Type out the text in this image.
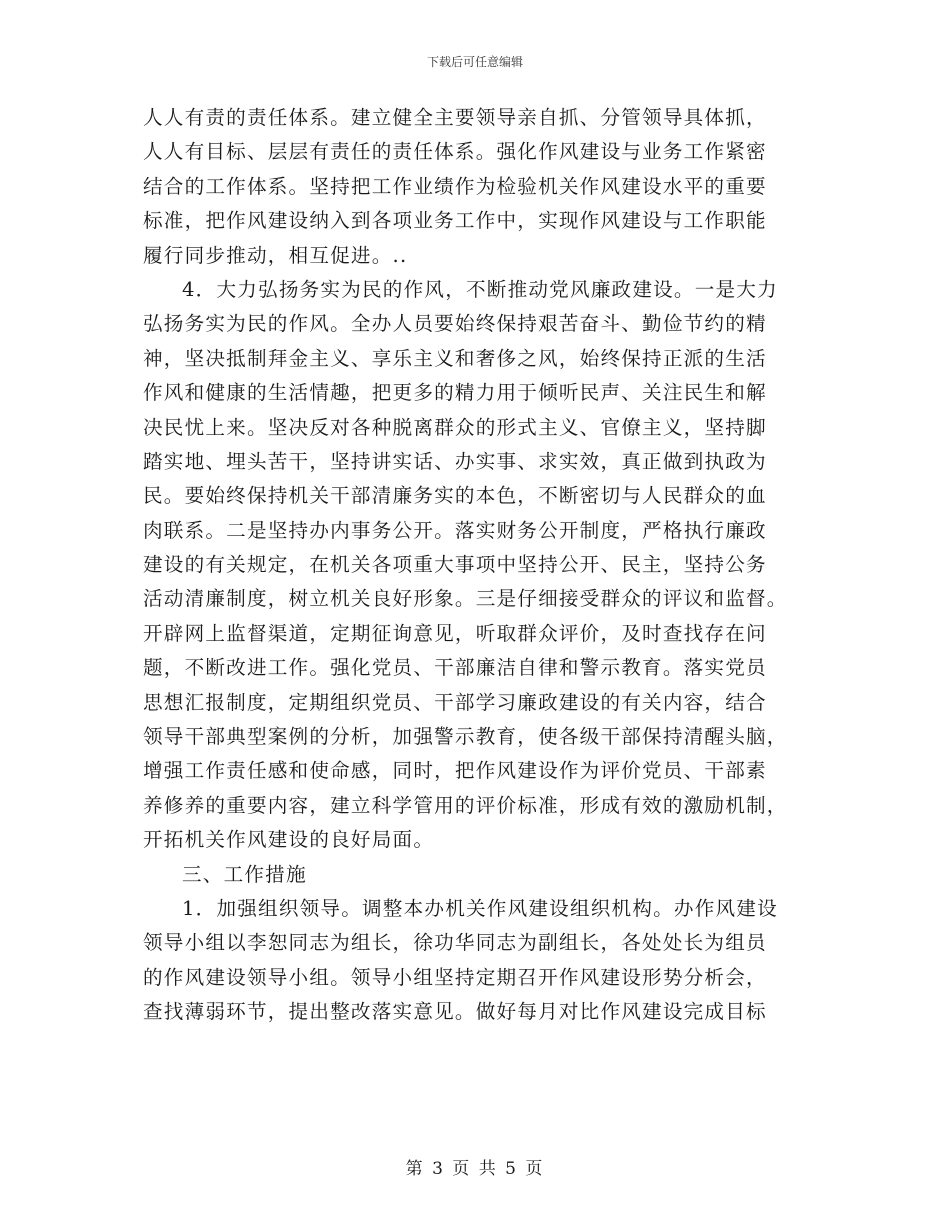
下载后可任意编辑
人人有责的责任体系。建立健全主要领导亲自抓、分管领导具体抓，
人人有目标、层层有责任的责任体系。强化作风建设与业务工作紧密
结合的工作体系。坚持把工作业绩作为检验机关作风建设水平的重要
标准，把作风建设纳入到各项业务工作中，实现作风建设与工作职能
履行同步推动，相互促进。..
4．大力弘扬务实为民的作风，不断推动党风廉政建设。一是大力
弘扬务实为民的作风。全办人员要始终保持艰苦奋斗、勤俭节约的精
神，坚决抵制拜金主义、享乐主义和奢侈之风，始终保持正派的生活
作风和健康的生活情趣，把更多的精力用于倾听民声、关注民生和解
决民忧上来。坚决反对各种脱离群众的形式主义、官僚主义，坚持脚
踏实地、埋头苦干，坚持讲实话、办实事、求实效，真正做到执政为
民。要始终保持机关干部清廉务实的本色，不断密切与人民群众的血
肉联系。二是坚持办内事务公开。落实财务公开制度，严格执行廉政
建设的有关规定，在机关各项重大事项中坚持公开、民主，坚持公务
活动清廉制度，树立机关良好形象。三是仔细接受群众的评议和监督。
开辟网上监督渠道，定期征询意见，听取群众评价，及时查找存在问
题，不断改进工作。强化党员、干部廉洁自律和警示教育。落实党员
思想汇报制度，定期组织党员、干部学习廉政建设的有关内容，结合
领导干部典型案例的分析，加强警示教育，使各级干部保持清醒头脑，
增强工作责任感和使命感，同时，把作风建设作为评价党员、干部素
养修养的重要内容，建立科学管用的评价标准，形成有效的激励机制，
开拓机关作风建设的良好局面。
三、工作措施
1．加强组织领导。调整本办机关作风建设组织机构。办作风建设
领导小组以李恕同志为组长，徐功华同志为副组长，各处处长为组员
的作风建设领导小组。领导小组坚持定期召开作风建设形势分析会，
查找薄弱环节，提出整改落实意见。做好每月对比作风建设完成目标
第 3 页 共 5 页
